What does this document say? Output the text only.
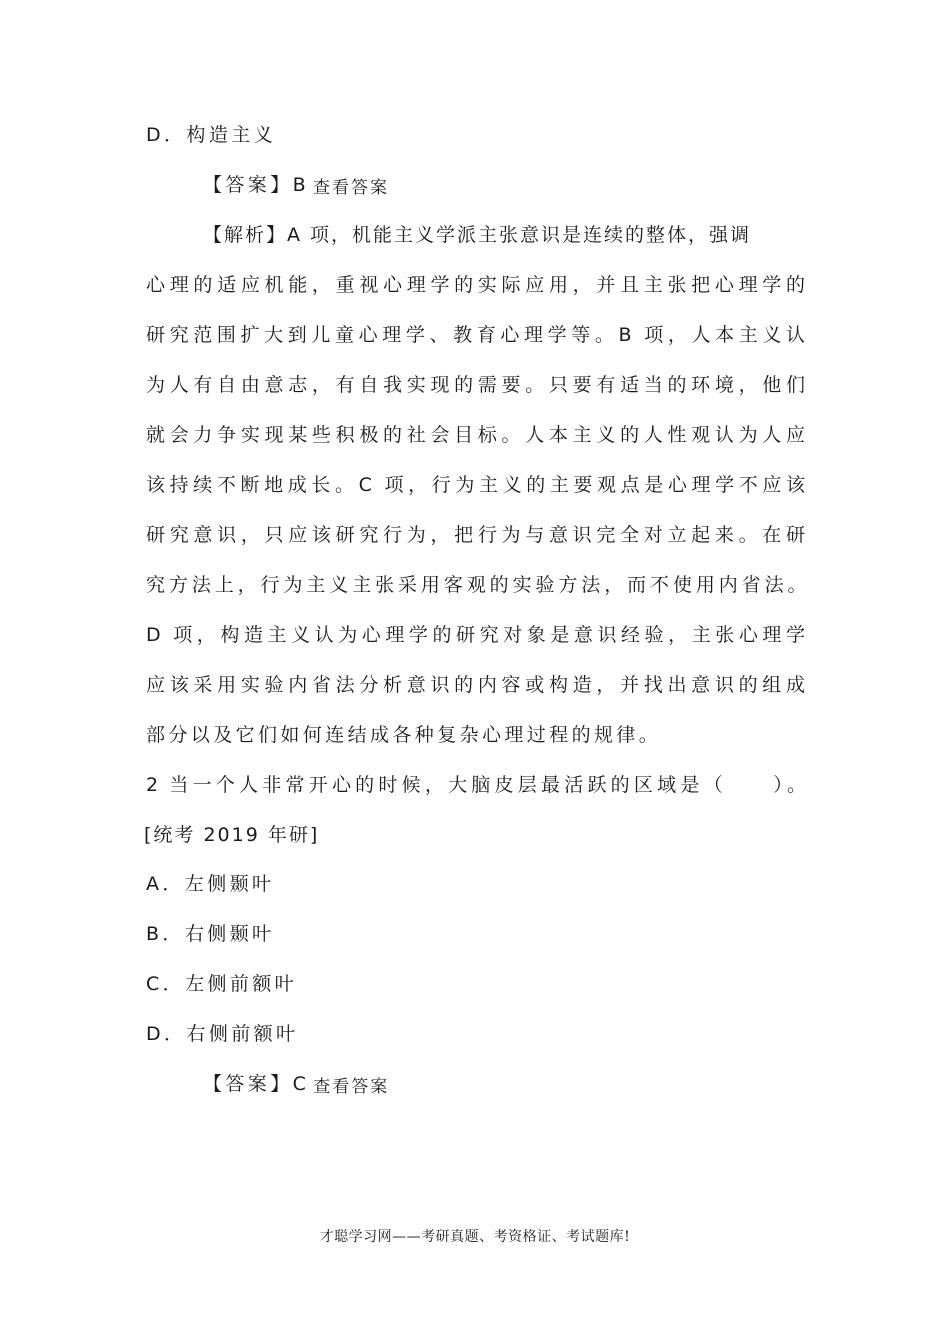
D．构造主义
【答案】B 查看答案
【解析】A 项，机能主义学派主张意识是连续的整体，强调
心理的适应机能，重视心理学的实际应用，并且主张把心理学的
研究范围扩大到儿童心理学、教育心理学等。B 项，人本主义认
为人有自由意志，有自我实现的需要。只要有适当的环境，他们
就会力争实现某些积极的社会目标。人本主义的人性观认为人应
该持续不断地成长。C 项，行为主义的主要观点是心理学不应该
研究意识，只应该研究行为，把行为与意识完全对立起来。在研
究方法上，行为主义主张采用客观的实验方法，而不使用内省法。
D 项，构造主义认为心理学的研究对象是意识经验，主张心理学
应该采用实验内省法分析意识的内容或构造，并找出意识的组成
部分以及它们如何连结成各种复杂心理过程的规律。
2 当一个人非常开心的时候，大脑皮层最活跃的区域是（　　）。
[统考 2019 年研]
A．左侧颞叶
B．右侧颞叶
C．左侧前额叶
D．右侧前额叶
【答案】C 查看答案
才聪学习网——考研真题、考资格证、考试题库!
